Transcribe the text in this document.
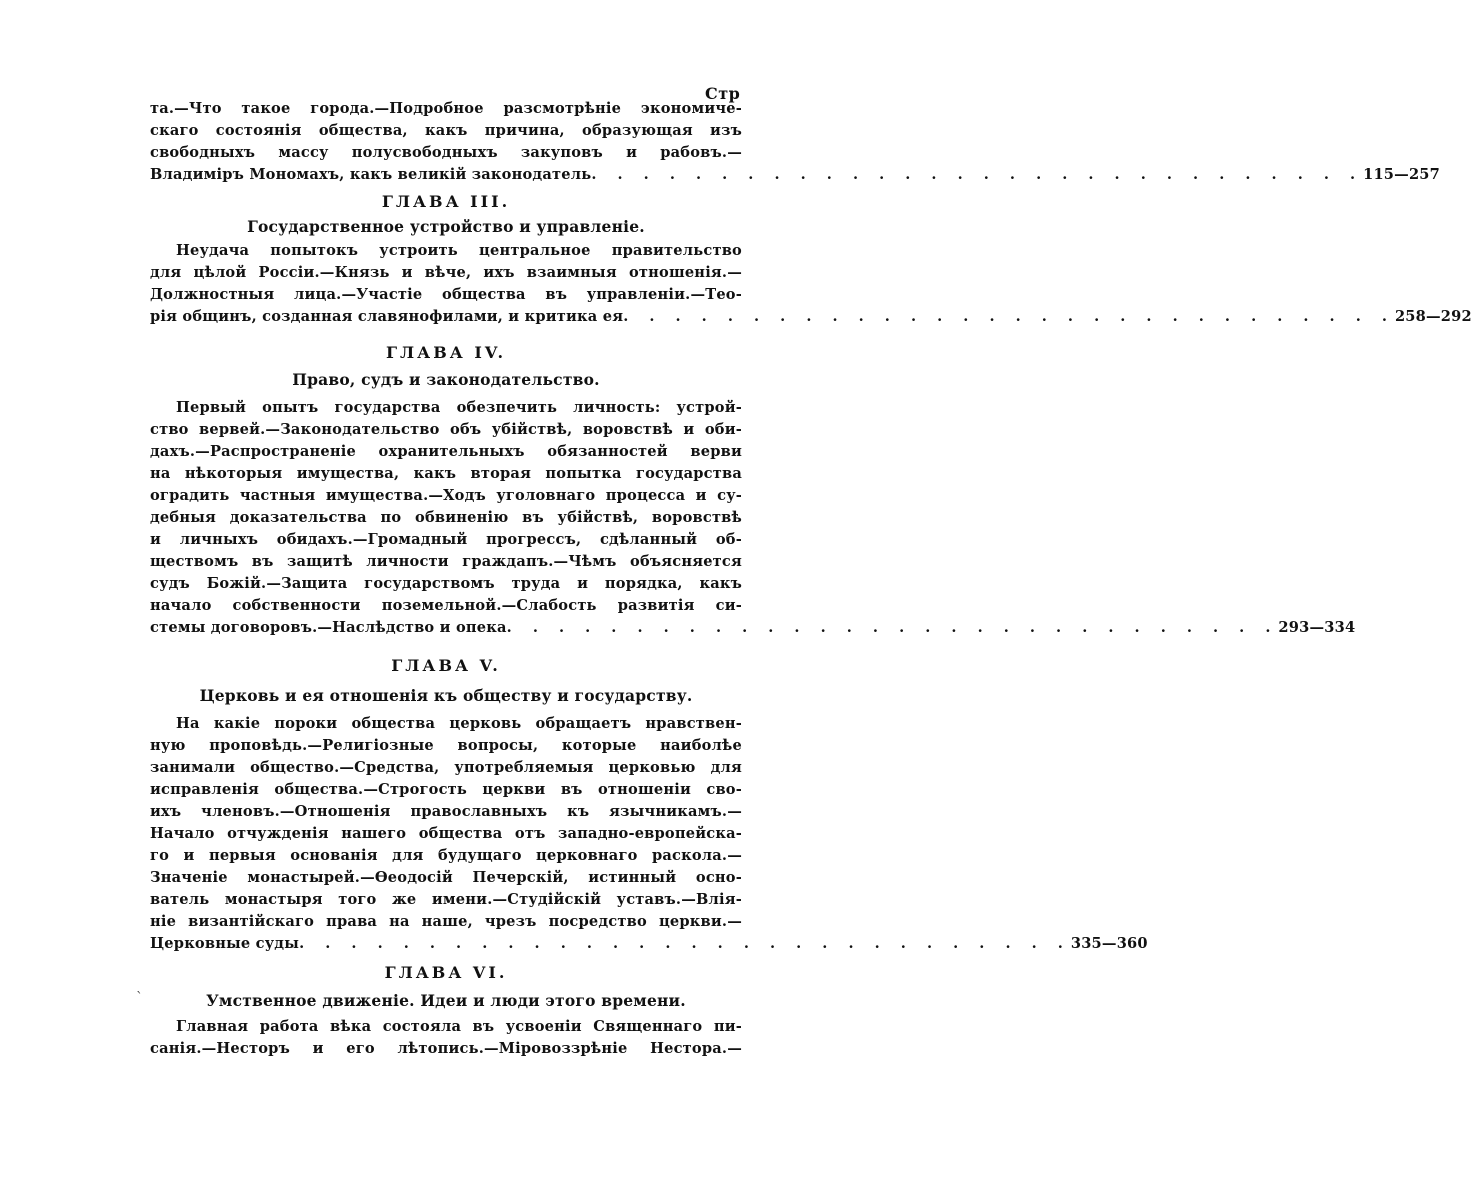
Стр
та.—Что такое города.—Подробное разсмотрѣніе экономиче-
скаго состоянія общества, какъ причина, образующая изъ
свободныхъ массу полусвободныхъ закуповъ и рабовъ.—
Владиміръ Мономахъ, какъ великій законодатель . . . . . . . . . . . . . . . . . . . . . . . . . . . . . . 115—257
ГЛАВА III.
Государственное устройство и управленіе.
Неудача попытокъ устроить центральное правительство
для цѣлой Россіи.—Князь и вѣче, ихъ взаимныя отношенія.—
Должностныя лица.—Участіе общества въ управленіи.—Тео-
рія общинъ, созданная славянофилами, и критика ея . . . . . . . . . . . . . . . . . . . . . . . . . . . . . . 258—292
ГЛАВА IV.
Право, судъ и законодательство.
Первый опытъ государства обезпечить личность: устрой-
ство вервей.—Законодательство объ убійствѣ, воровствѣ и оби-
дахъ.—Распространеніе охранительныхъ обязанностей верви
на нѣкоторыя имущества, какъ вторая попытка государства
оградить частныя имущества.—Ходъ уголовнаго процесса и су-
дебныя доказательства по обвиненію въ убійствѣ, воровствѣ
и личныхъ обидахъ.—Громадный прогрессъ, сдѣланный об-
ществомъ въ защитѣ личности граждапъ.—Чѣмъ объясняется
судъ Божій.—Защита государствомъ труда и порядка, какъ
начало собственности поземельной.—Слабость развитія си-
стемы договоровъ.—Наслѣдство и опека . . . . . . . . . . . . . . . . . . . . . . . . . . . . . . 293—334
ГЛАВА V.
Церковь и ея отношенія къ обществу и государству.
На какіе пороки общества церковь обращаетъ нравствен-
ную проповѣдь.—Религіозные вопросы, которые наиболѣе
занимали общество.—Средства, употребляемыя церковью для
исправленія общества.—Строгость церкви въ отношеніи сво-
ихъ членовъ.—Отношенія православныхъ къ язычникамъ.—
Начало отчужденія нашего общества отъ западно-европейска-
го и первыя основанія для будущаго церковнаго раскола.—
Значеніе монастырей.—Ѳеодосій Печерскій, истинный осно-
ватель монастыря того же имени.—Студійскій уставъ.—Влія-
ніе византійскаго права на наше, чрезъ посредство церкви.—
Церковные суды . . . . . . . . . . . . . . . . . . . . . . . . . . . . . . 335—360
ГЛАВА VI.
`	Умственное движеніе. Идеи и люди этого времени.
Главная работа вѣка состояла въ усвоеніи Священнаго пи-
санія.—Несторъ и его лѣтопись.—Міровоззрѣніе Нестора.—
